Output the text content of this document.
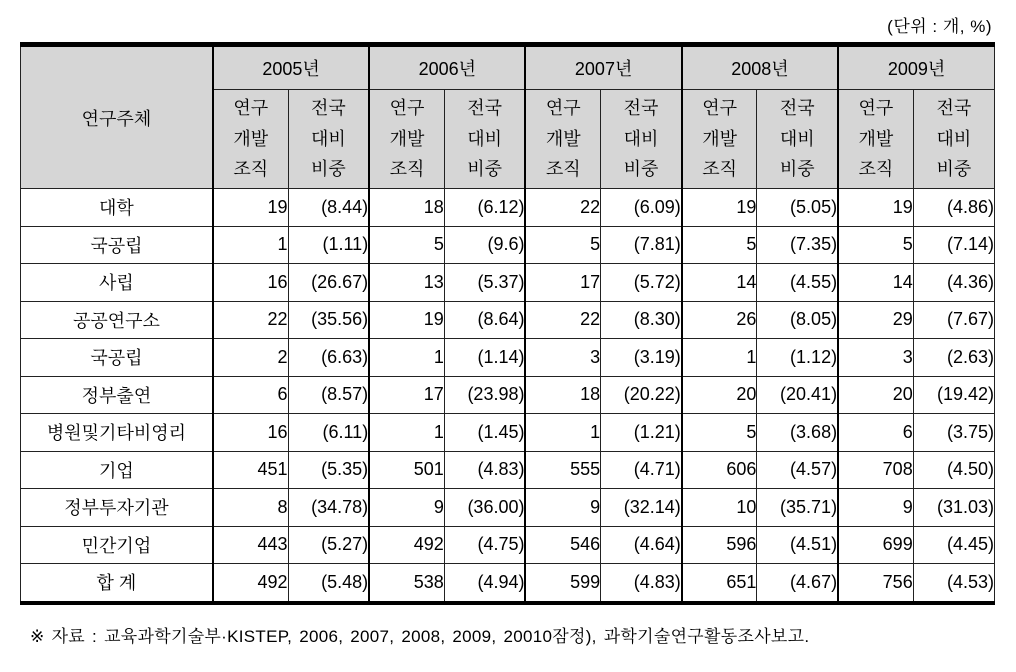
(단위 : 개, %)
연구주체	2005년		2006년		2007년		2008년		2009년	
	연구
개발
조직	전국
대비
비중	연구
개발
조직	전국
대비
비중	연구
개발
조직	전국
대비
비중	연구
개발
조직	전국
대비
비중	연구
개발
조직	전국
대비
비중
대학	19	(8.44)	18	(6.12)	22	(6.09)	19	(5.05)	19	(4.86)
국공립	1	(1.11)	5	(9.6)	5	(7.81)	5	(7.35)	5	(7.14)
사립	16	(26.67)	13	(5.37)	17	(5.72)	14	(4.55)	14	(4.36)
공공연구소	22	(35.56)	19	(8.64)	22	(8.30)	26	(8.05)	29	(7.67)
국공립	2	(6.63)	1	(1.14)	3	(3.19)	1	(1.12)	3	(2.63)
정부출연	6	(8.57)	17	(23.98)	18	(20.22)	20	(20.41)	20	(19.42)
병원및기타비영리	16	(6.11)	1	(1.45)	1	(1.21)	5	(3.68)	6	(3.75)
기업	451	(5.35)	501	(4.83)	555	(4.71)	606	(4.57)	708	(4.50)
정부투자기관	8	(34.78)	9	(36.00)	9	(32.14)	10	(35.71)	9	(31.03)
민간기업	443	(5.27)	492	(4.75)	546	(4.64)	596	(4.51)	699	(4.45)
합 계	492	(5.48)	538	(4.94)	599	(4.83)	651	(4.67)	756	(4.53)
※ 자료 : 교육과학기술부·KISTEP, 2006, 2007, 2008, 2009, 20010잠정), 과학기술연구활동조사보고.
